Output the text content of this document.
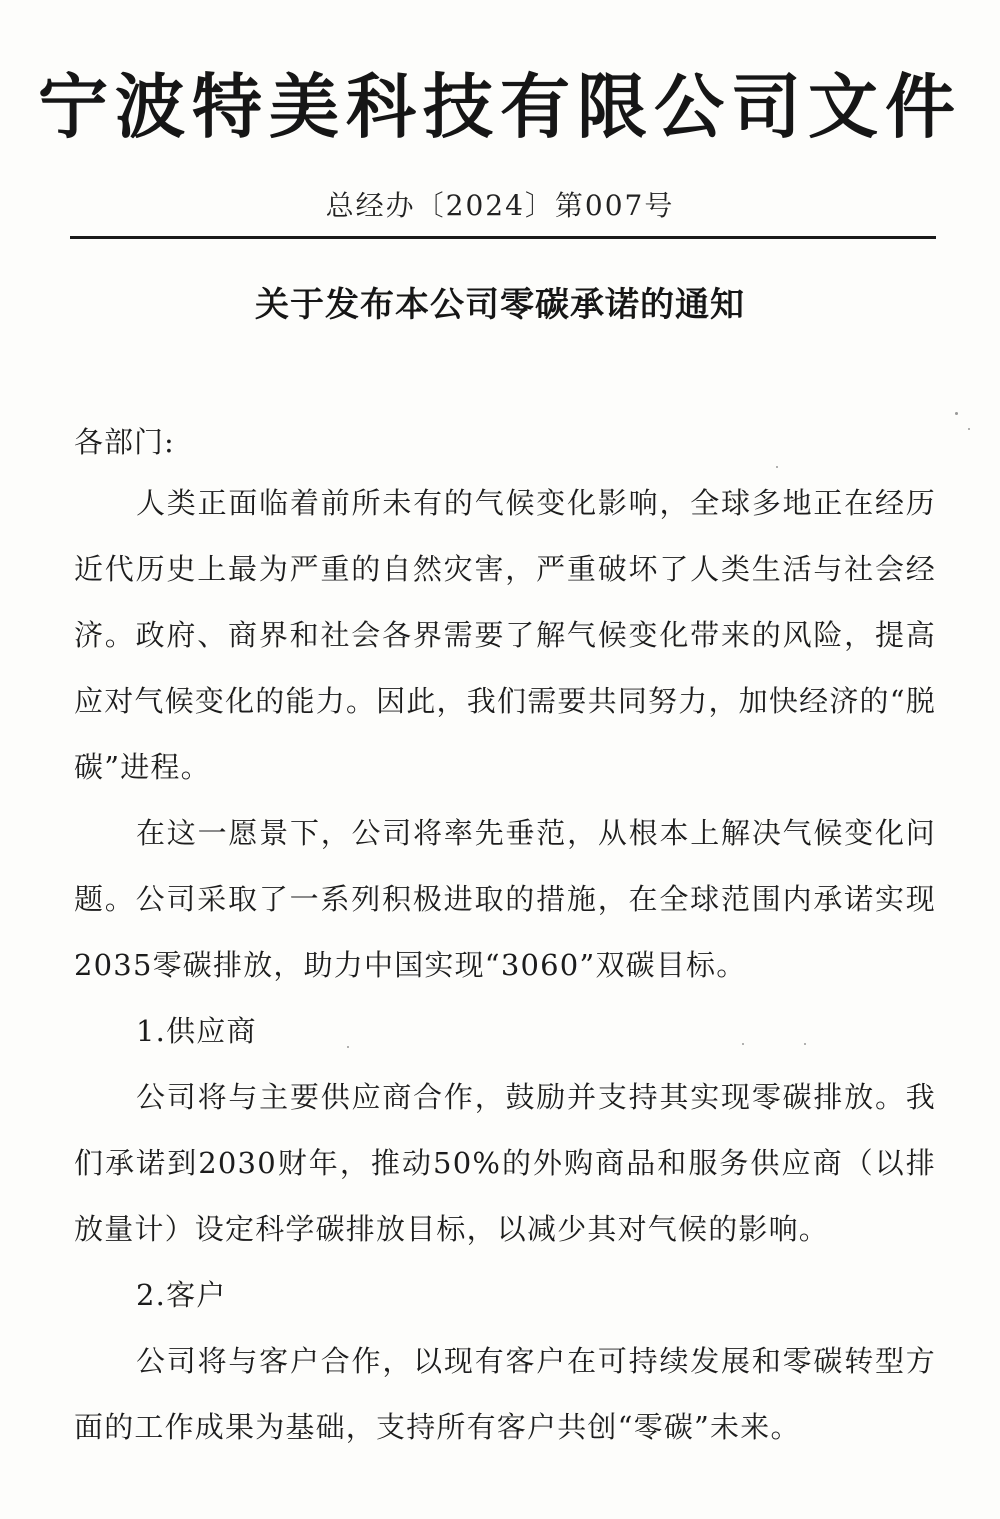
宁波特美科技有限公司文件
总经办〔2024〕第007号
关于发布本公司零碳承诺的通知
各部门:

人类正面临着前所未有的气候变化影响，全球多地正在经历近代历史上最为严重的自然灾害，严重破坏了人类生活与社会经济。政府、商界和社会各界需要了解气候变化带来的风险，提高应对气候变化的能力。因此，我们需要共同努力，加快经济的“脱碳”进程。

在这一愿景下，公司将率先垂范，从根本上解决气候变化问题。公司采取了一系列积极进取的措施，在全球范围内承诺实现2035零碳排放，助力中国实现“3060”双碳目标。

1.供应商

公司将与主要供应商合作，鼓励并支持其实现零碳排放。我们承诺到2030财年，推动50%的外购商品和服务供应商（以排放量计）设定科学碳排放目标，以减少其对气候的影响。

2.客户

公司将与客户合作，以现有客户在可持续发展和零碳转型方面的工作成果为基础，支持所有客户共创“零碳”未来。
